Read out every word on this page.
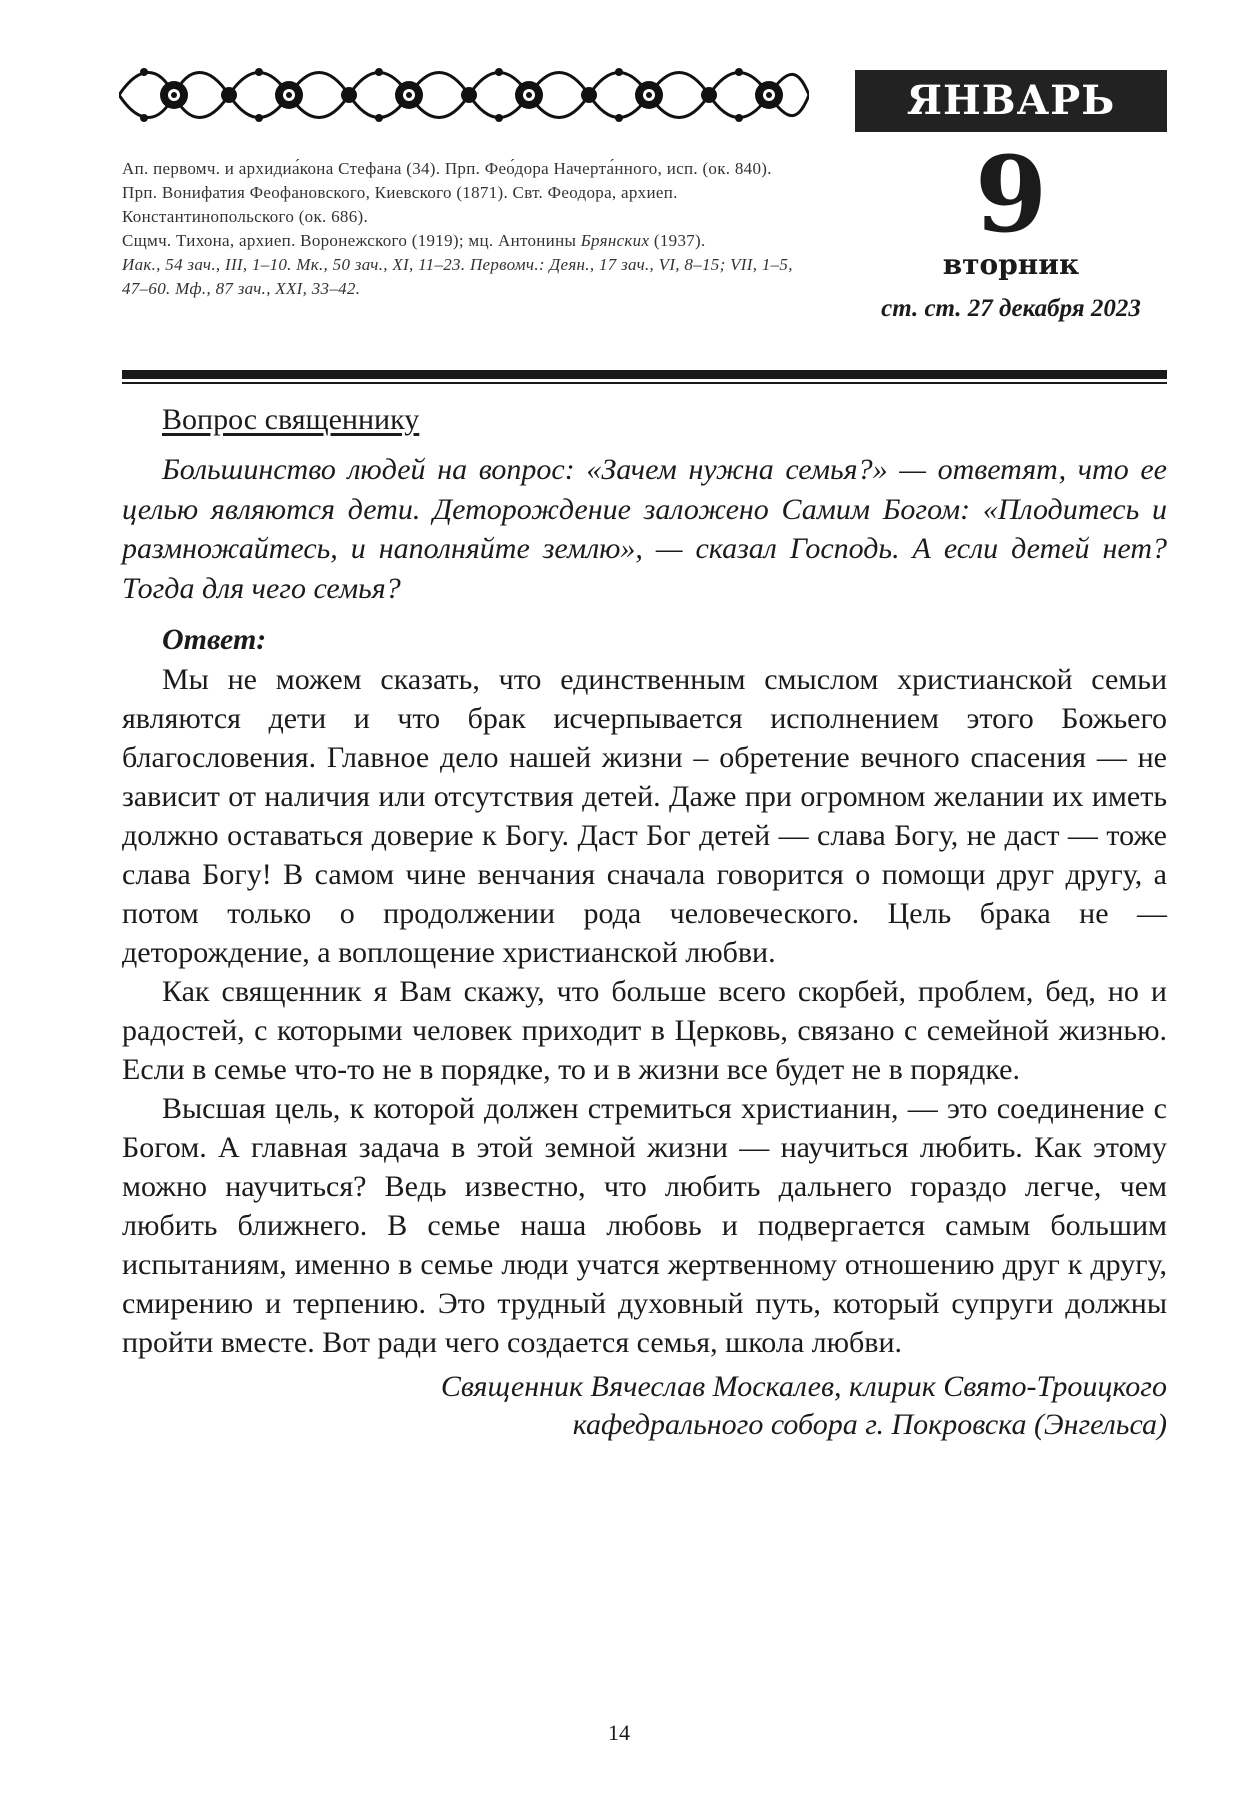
ЯНВАРЬ
9
вторник
ст. ст. 27 декабря 2023

Ап. первомч. и архидиа́кона Стефана (34). Прп. Фео́дора Начерта́нного, исп. (ок. 840).

Прп. Вонифатия Феофановского, Киевского (1871). Свт. Феодора, архиеп. Константинопольского (ок. 686).

Сщмч. Тихона, архиеп. Воронежского (1919); мц. Антонины Брянских (1937).

Иак., 54 зач., III, 1–10. Мк., 50 зач., XI, 11–23. Первомч.: Деян., 17 зач., VI, 8–15; VII, 1–5, 47–60. Мф., 87 зач., XXI, 33–42.

Вопрос священнику

Большинство людей на вопрос: «Зачем нужна семья?» — ответят, что ее целью являются дети. Деторождение заложено Самим Богом: «Плодитесь и размножайтесь, и наполняйте землю», — сказал Господь. А если детей нет? Тогда для чего семья?

Ответ:

Мы не можем сказать, что единственным смыслом христианской семьи являются дети и что брак исчерпывается исполнением этого Божьего благословения. Главное дело нашей жизни – обретение вечного спасения — не зависит от наличия или отсутствия детей. Даже при огромном желании их иметь должно оставаться доверие к Богу. Даст Бог детей — слава Богу, не даст — тоже слава Богу! В самом чине венчания сначала говорится о помощи друг другу, а потом только о продолжении рода человеческого. Цель брака не — деторождение, а воплощение христианской любви.

Как священник я Вам скажу, что больше всего скорбей, проблем, бед, но и радостей, с которыми человек приходит в Церковь, связано с семейной жизнью. Если в семье что-то не в порядке, то и в жизни все будет не в порядке.

Высшая цель, к которой должен стремиться христианин, — это соединение с Богом. А главная задача в этой земной жизни — научиться любить. Как этому можно научиться? Ведь известно, что любить дальнего гораздо легче, чем любить ближнего. В семье наша любовь и подвергается самым большим испытаниям, именно в семье люди учатся жертвенному отношению друг к другу, смирению и терпению. Это трудный духовный путь, который супруги должны пройти вместе. Вот ради чего создается семья, школа любви.

Священник Вячеслав Москалев, клирик Свято-Троицкого
кафедрального собора г. Покровска (Энгельса)
14
